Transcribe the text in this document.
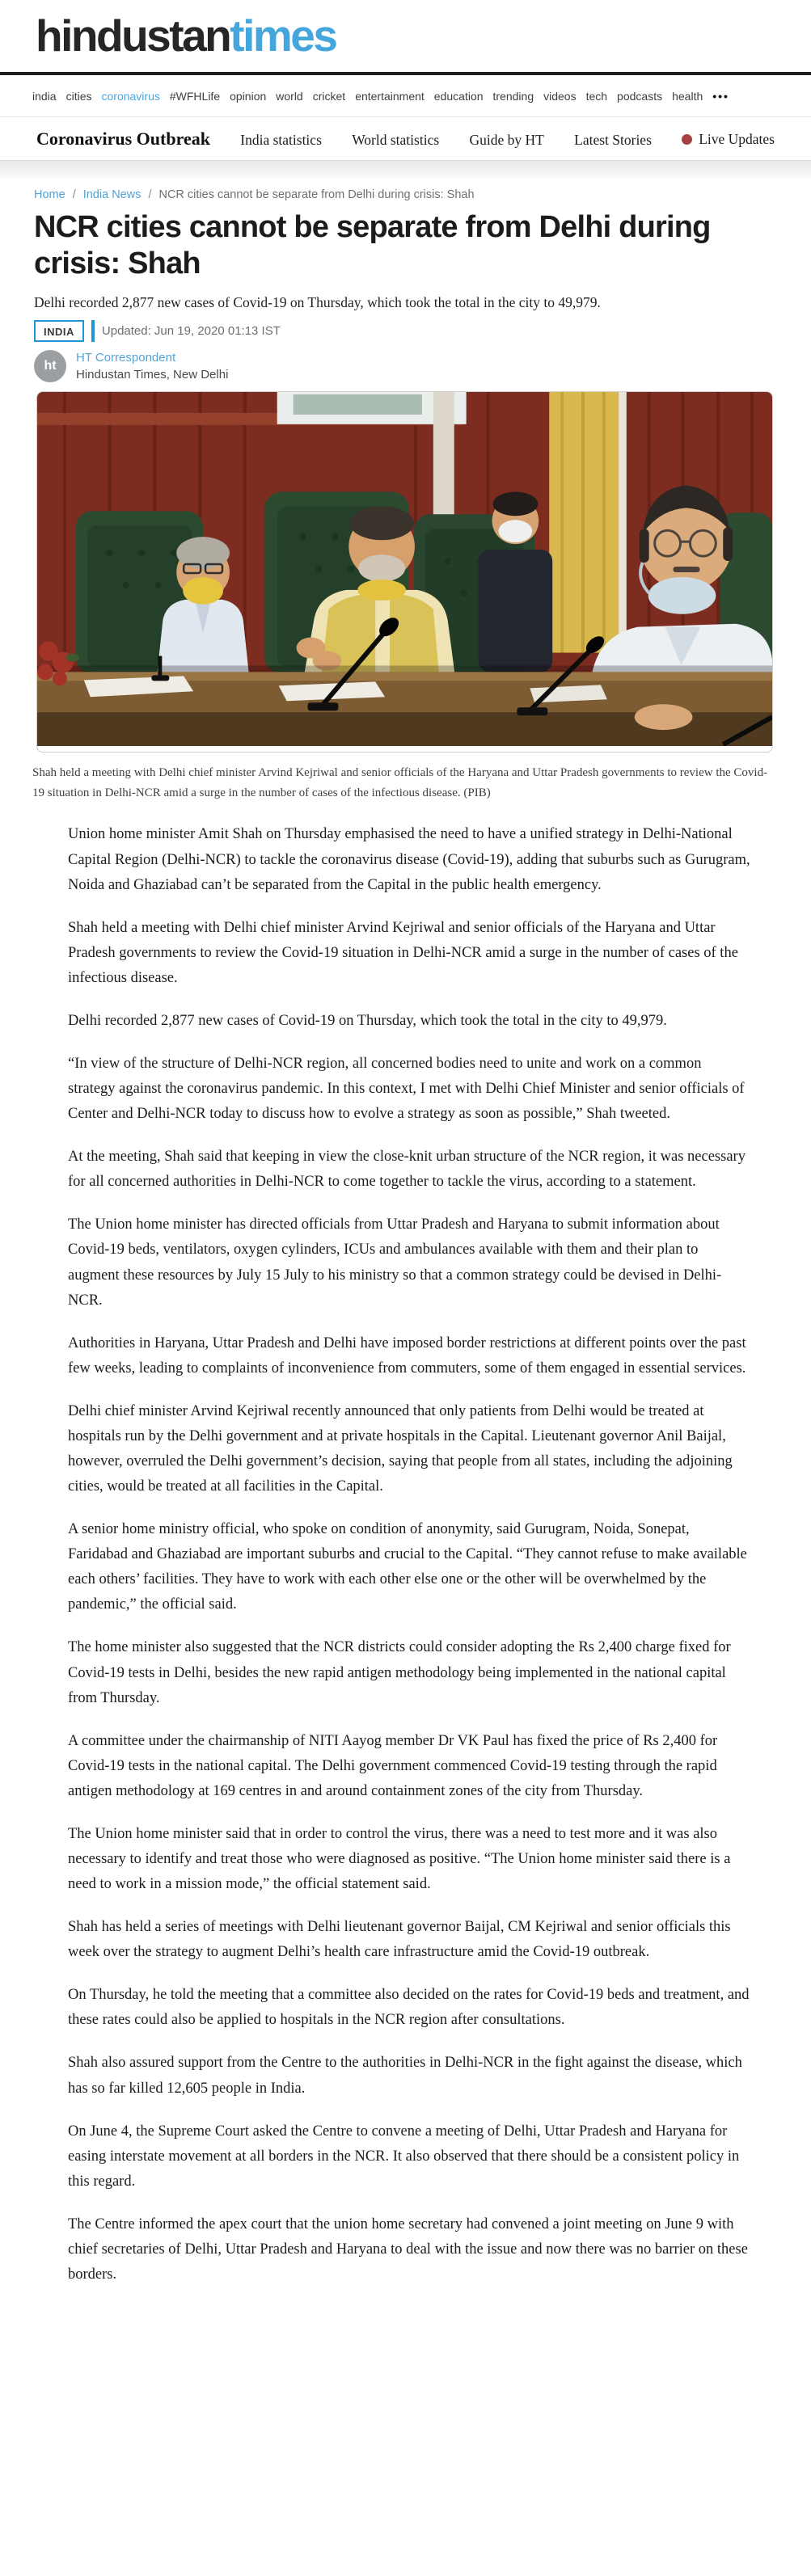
hindustantimes
india cities coronavirus #WFHLife opinion world cricket entertainment education trending videos tech podcasts health •••
Coronavirus Outbreak India statistics World statistics Guide by HT Latest Stories	Live Updates
Home / India News / NCR cities cannot be separate from Delhi during crisis: Shah
NCR cities cannot be separate from Delhi during crisis: Shah

Delhi recorded 2,877 new cases of Covid-19 on Thursday, which took the total in the city to 49,979.

INDIA	Updated: Jun 19, 2020 01:13 IST
ht
HT Correspondent
Hindustan Times, New Delhi

Shah held a meeting with Delhi chief minister Arvind Kejriwal and senior officials of the Haryana and Uttar Pradesh governments to review the Covid-19 situation in Delhi-NCR amid a surge in the number of cases of the infectious disease. (PIB)

Union home minister Amit Shah on Thursday emphasised the need to have a unified strategy in Delhi-National Capital Region (Delhi-NCR) to tackle the coronavirus disease (Covid-19), adding that suburbs such as Gurugram, Noida and Ghaziabad can’t be separated from the Capital in the public health emergency.

Shah held a meeting with Delhi chief minister Arvind Kejriwal and senior officials of the Haryana and Uttar Pradesh governments to review the Covid-19 situation in Delhi-NCR amid a surge in the number of cases of the infectious disease.

Delhi recorded 2,877 new cases of Covid-19 on Thursday, which took the total in the city to 49,979.

“In view of the structure of Delhi-NCR region, all concerned bodies need to unite and work on a common strategy against the coronavirus pandemic. In this context, I met with Delhi Chief Minister and senior officials of Center and Delhi-NCR today to discuss how to evolve a strategy as soon as possible,” Shah tweeted.

At the meeting, Shah said that keeping in view the close-knit urban structure of the NCR region, it was necessary for all concerned authorities in Delhi-NCR to come together to tackle the virus, according to a statement.

The Union home minister has directed officials from Uttar Pradesh and Haryana to submit information about Covid-19 beds, ventilators, oxygen cylinders, ICUs and ambulances available with them and their plan to augment these resources by July 15 July to his ministry so that a common strategy could be devised in Delhi-NCR.

Authorities in Haryana, Uttar Pradesh and Delhi have imposed border restrictions at different points over the past few weeks, leading to complaints of inconvenience from commuters, some of them engaged in essential services.

Delhi chief minister Arvind Kejriwal recently announced that only patients from Delhi would be treated at hospitals run by the Delhi government and at private hospitals in the Capital. Lieutenant governor Anil Baijal, however, overruled the Delhi government’s decision, saying that people from all states, including the adjoining cities, would be treated at all facilities in the Capital.

A senior home ministry official, who spoke on condition of anonymity, said Gurugram, Noida, Sonepat, Faridabad and Ghaziabad are important suburbs and crucial to the Capital. “They cannot refuse to make available each others’ facilities. They have to work with each other else one or the other will be overwhelmed by the pandemic,” the official said.

The home minister also suggested that the NCR districts could consider adopting the Rs 2,400 charge fixed for Covid-19 tests in Delhi, besides the new rapid antigen methodology being implemented in the national capital from Thursday.

A committee under the chairmanship of NITI Aayog member Dr VK Paul has fixed the price of Rs 2,400 for Covid-19 tests in the national capital. The Delhi government commenced Covid-19 testing through the rapid antigen methodology at 169 centres in and around containment zones of the city from Thursday.

The Union home minister said that in order to control the virus, there was a need to test more and it was also necessary to identify and treat those who were diagnosed as positive. “The Union home minister said there is a need to work in a mission mode,” the official statement said.

Shah has held a series of meetings with Delhi lieutenant governor Baijal, CM Kejriwal and senior officials this week over the strategy to augment Delhi’s health care infrastructure amid the Covid-19 outbreak.

On Thursday, he told the meeting that a committee also decided on the rates for Covid-19 beds and treatment, and these rates could also be applied to hospitals in the NCR region after consultations.

Shah also assured support from the Centre to the authorities in Delhi-NCR in the fight against the disease, which has so far killed 12,605 people in India.

On June 4, the Supreme Court asked the Centre to convene a meeting of Delhi, Uttar Pradesh and Haryana for easing interstate movement at all borders in the NCR. It also observed that there should be a consistent policy in this regard.

The Centre informed the apex court that the union home secretary had convened a joint meeting on June 9 with chief secretaries of Delhi, Uttar Pradesh and Haryana to deal with the issue and now there was no barrier on these borders.
